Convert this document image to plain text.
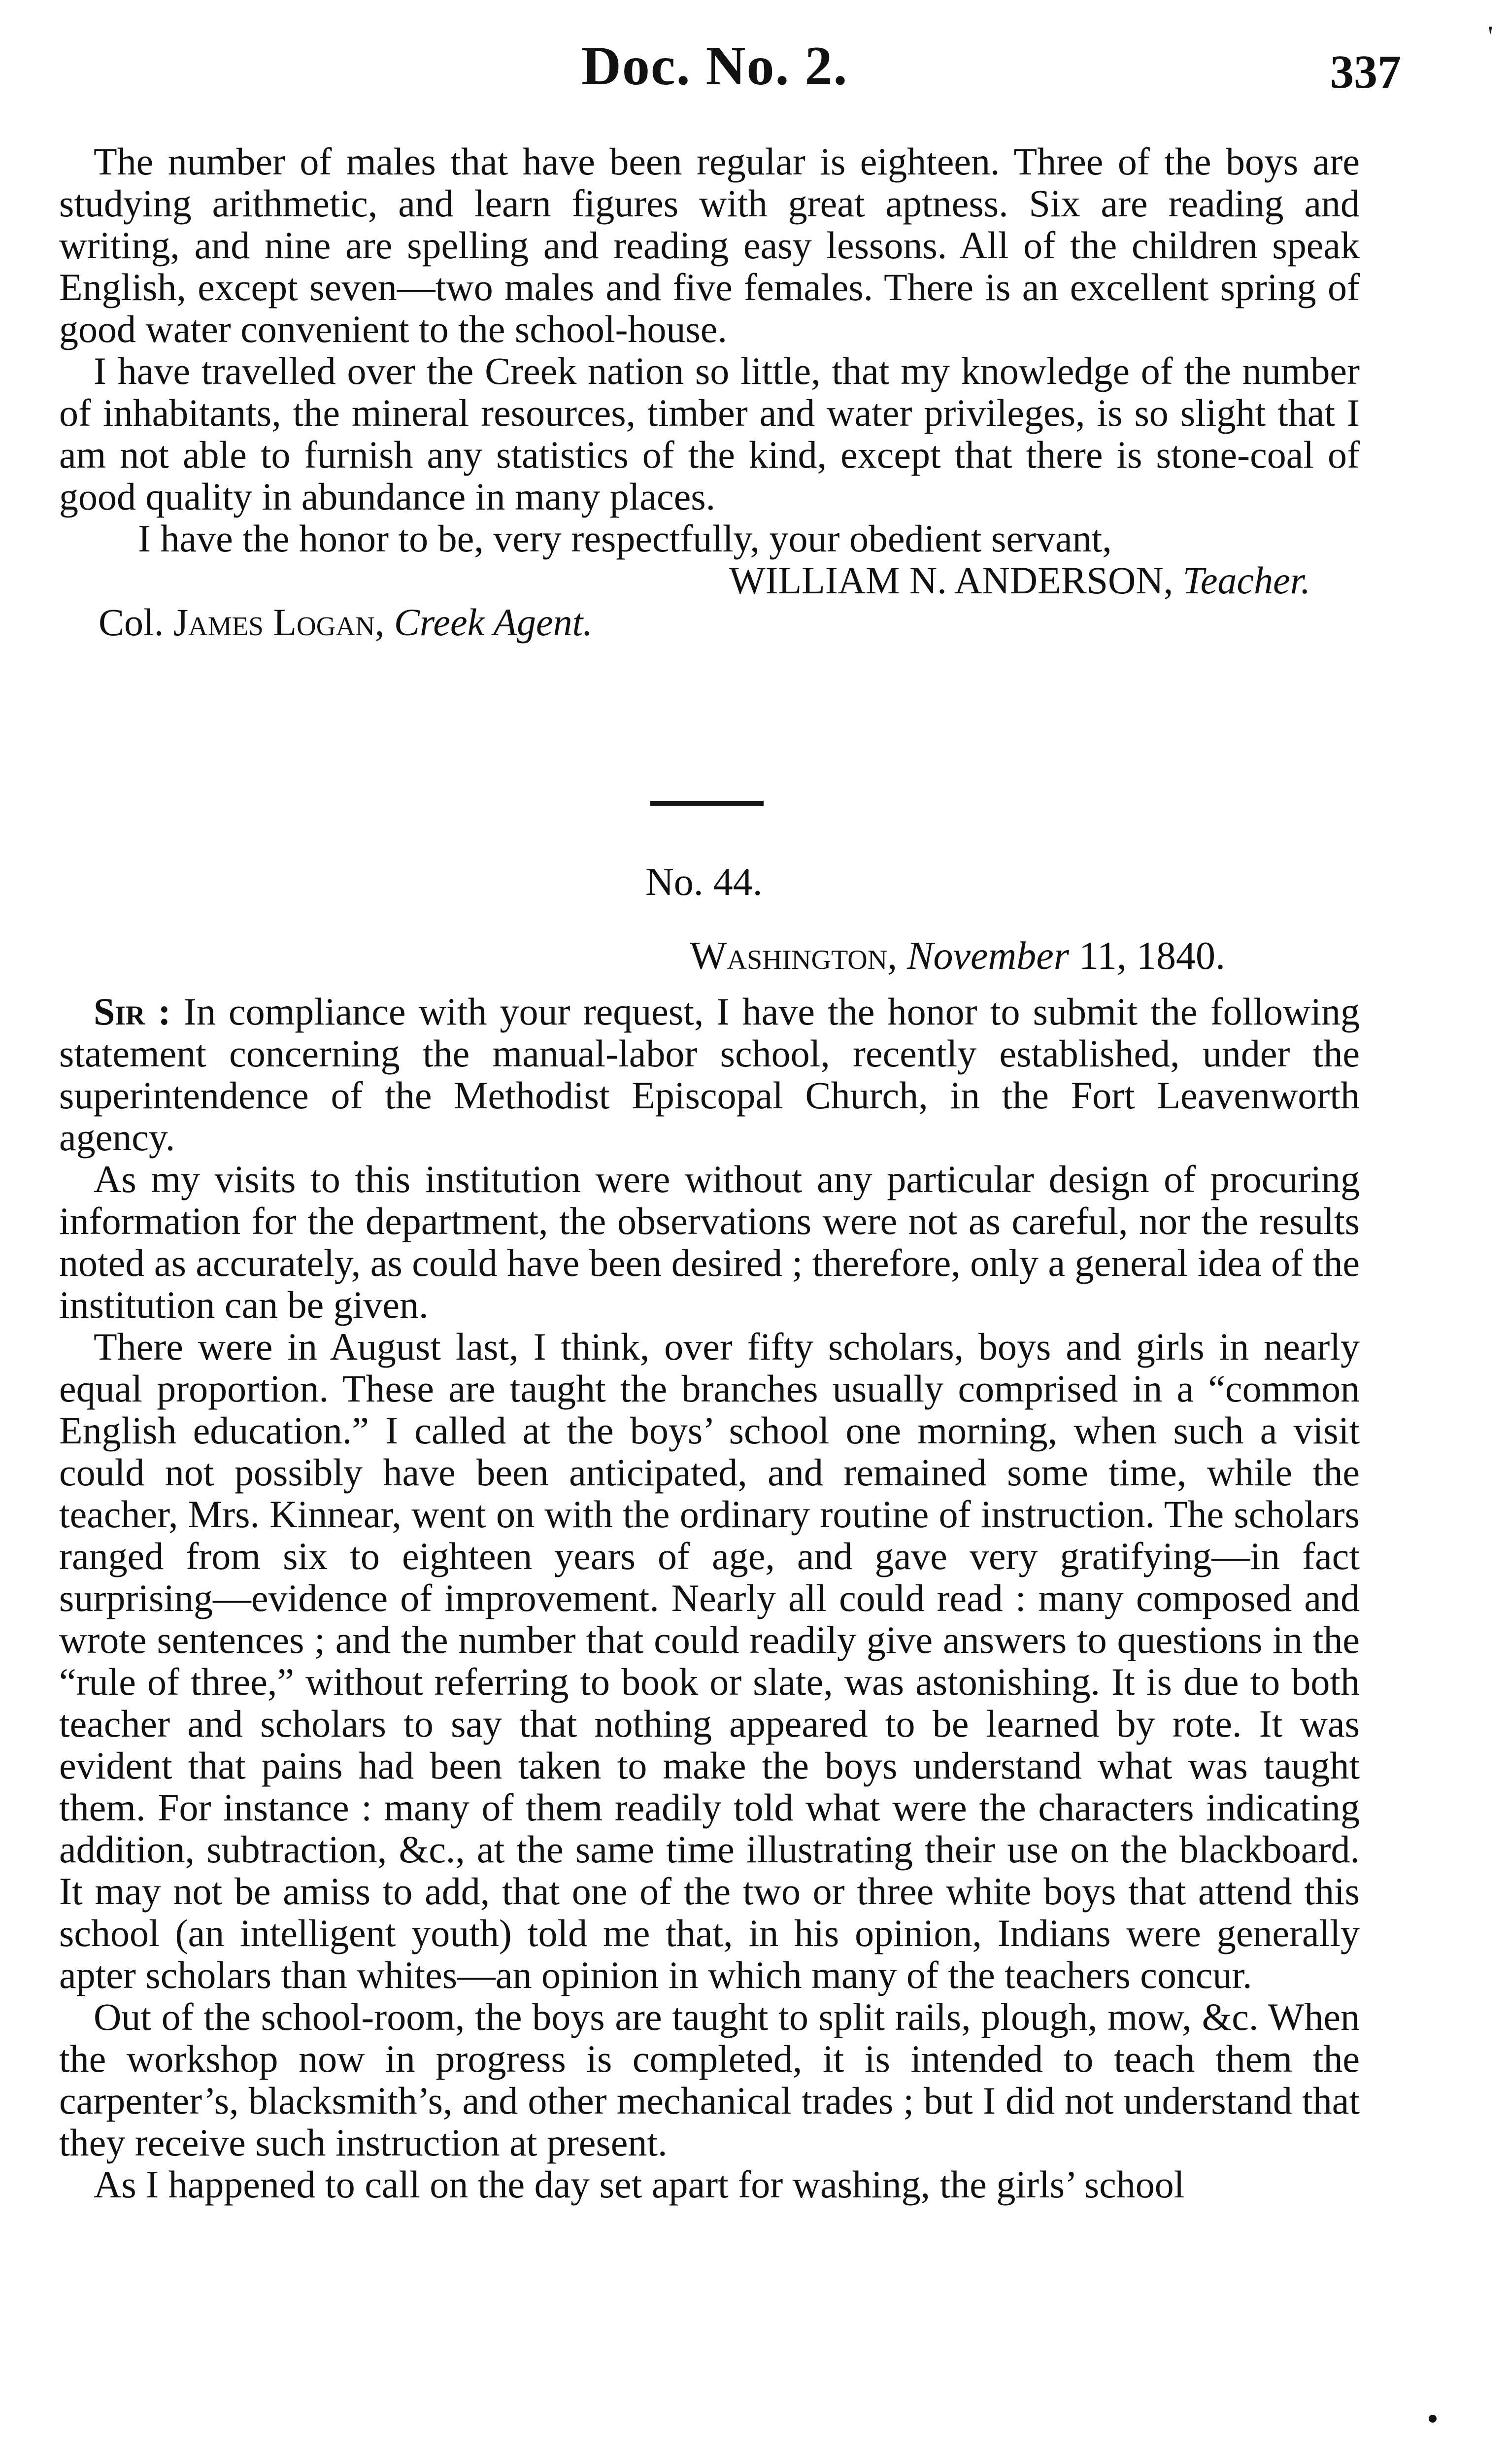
Doc. No. 2.	337
'

The number of males that have been regular is eighteen. Three of the boys are studying arithmetic, and learn figures with great aptness. Six are reading and writing, and nine are spelling and reading easy lessons. All of the children speak English, except seven—two males and five females. There is an excellent spring of good water convenient to the school-house.

I have travelled over the Creek nation so little, that my knowledge of the number of inhabitants, the mineral resources, timber and water privileges, is so slight that I am not able to furnish any statistics of the kind, except that there is stone-coal of good quality in abundance in many places.

I have the honor to be, very respectfully, your obedient servant,

WILLIAM N. ANDERSON, Teacher.

Col. James Logan, Creek Agent.

No. 44.
Washington, November 11, 1840.

Sir : In compliance with your request, I have the honor to submit the following statement concerning the manual-labor school, recently established, under the superintendence of the Methodist Episcopal Church, in the Fort Leavenworth agency.

As my visits to this institution were without any particular design of procuring information for the department, the observations were not as careful, nor the results noted as accurately, as could have been desired ; therefore, only a general idea of the institution can be given.

There were in August last, I think, over fifty scholars, boys and girls in nearly equal proportion. These are taught the branches usually comprised in a “common English education.” I called at the boys’ school one morning, when such a visit could not possibly have been anticipated, and remained some time, while the teacher, Mrs. Kinnear, went on with the ordinary routine of instruction. The scholars ranged from six to eighteen years of age, and gave very gratifying—in fact surprising—evidence of improvement. Nearly all could read : many composed and wrote sentences ; and the number that could readily give answers to questions in the “rule of three,” without referring to book or slate, was astonishing. It is due to both teacher and scholars to say that nothing appeared to be learned by rote. It was evident that pains had been taken to make the boys understand what was taught them. For instance : many of them readily told what were the characters indicating addition, subtraction, &c., at the same time illustrating their use on the blackboard. It may not be amiss to add, that one of the two or three white boys that attend this school (an intelligent youth) told me that, in his opinion, Indians were generally apter scholars than whites—an opinion in which many of the teachers concur.

Out of the school-room, the boys are taught to split rails, plough, mow, &c. When the workshop now in progress is completed, it is intended to teach them the carpenter’s, blacksmith’s, and other mechanical trades ; but I did not understand that they receive such instruction at present.

As I happened to call on the day set apart for washing, the girls’ school
